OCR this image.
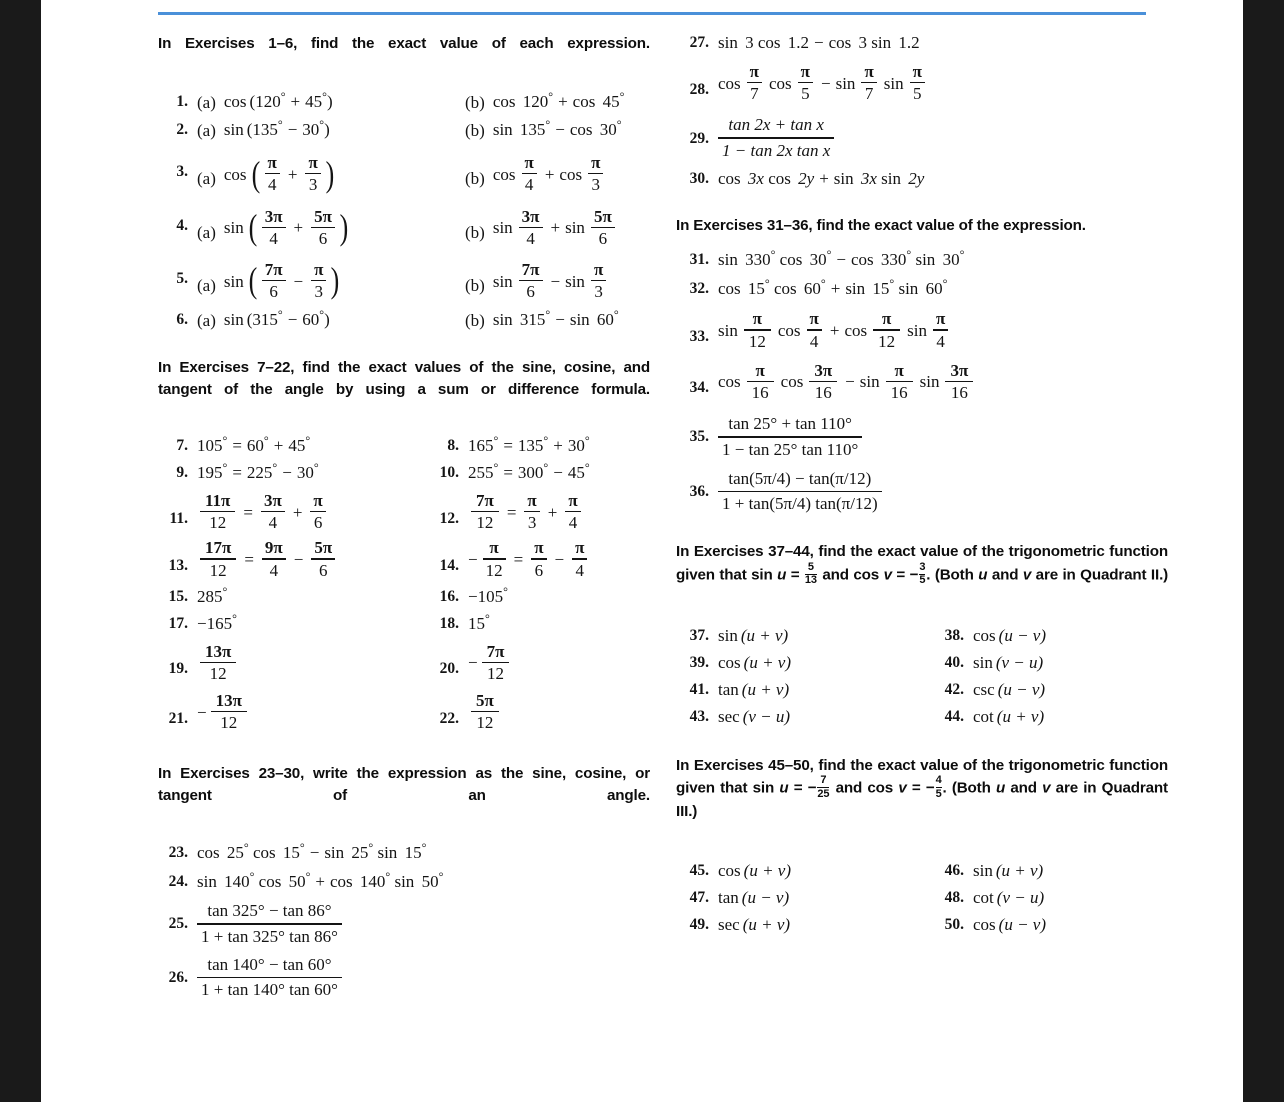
In Exercises 1–6, find the exact value of each expression.
1. (a) cos (120° + 45°)	(b) cos 120° + cos 45°
2. (a) sin (135° − 30°)	(b) sin 135° − cos 30°
3. (a) cos ( $\frac{\pi}{4} + \frac{\pi}{3}$ )	(b) $\cos \frac{\pi}{4} + \cos \frac{\pi}{3}$
4. (a) sin ( $\frac{3\pi}{4} + \frac{5\pi}{6}$ )	(b) $\sin \frac{3\pi}{4} + \sin \frac{5\pi}{6}$
5. (a) sin ( $\frac{7\pi}{6} - \frac{\pi}{3}$ )	(b) $\sin \frac{7\pi}{6} - \sin \frac{\pi}{3}$
6. (a) sin (315° − 60°)	(b) sin 315° − sin 60°
In Exercises 7–22, find the exact values of the sine, cosine, and tangent of the angle by using a sum or difference formula.
7. 105° = 60° + 45°	8. 165° = 135° + 30°
9. 195° = 225° − 30°	10. 255° = 300° − 45°
11. $\frac{11\pi}{12} = \frac{3\pi}{4} + \frac{\pi}{6}$	12. $\frac{7\pi}{12} = \frac{\pi}{3} + \frac{\pi}{4}$
13. $\frac{17\pi}{12} = \frac{9\pi}{4} - \frac{5\pi}{6}$	14. − $\frac{\pi}{12} = \frac{\pi}{6} - \frac{\pi}{4}$
15. 285°	16. −105°
17. −165°	18. 15°
19. $\frac{13\pi}{12}$	20. − $\frac{7\pi}{12}$
21. − $\frac{13\pi}{12}$	22. $\frac{5\pi}{12}$
In Exercises 23–30, write the expression as the sine, cosine, or tangent of an angle.
23. cos 25° cos 15° − sin 25° sin 15°
24. sin 140° cos 50° + cos 140° sin 50°
25. $\frac{\tan 325^\circ - \tan 86^\circ}{1 + \tan 325^\circ \tan 86^\circ}$
26. $\frac{\tan 140^\circ - \tan 60^\circ}{1 + \tan 140^\circ \tan 60^\circ}$
27. sin 3 cos 1.2 − cos 3 sin 1.2
28. $\cos \frac{\pi}{7}$ $\cos \frac{\pi}{5} - \sin \frac{\pi}{7}$ $\sin \frac{\pi}{5}$
29. $\frac{\text{tan 2x + tan x}}{\text{1 − tan 2x tan x}}$
30. cos 3x cos 2y + sin 3x sin 2y
In Exercises 31–36, find the exact value of the expression.
31. sin 330° cos 30° − cos 330° sin 30°
32. cos 15° cos 60° + sin 15° sin 60°
33. $\sin \frac{\pi}{12}$ $\cos \frac{\pi}{4} + \cos \frac{\pi}{12}$ $\sin \frac{\pi}{4}$
34. $\cos \frac{\pi}{16}$ $\cos \frac{3\pi}{16} - \sin \frac{\pi}{16}$ $\sin \frac{3\pi}{16}$
35. $\frac{\tan 25^\circ + \tan 110^\circ}{1 - \tan 25^\circ \tan 110^\circ}$
36. $\frac{\tan(5\pi/4) - \tan(\pi/12)}{1 + \tan(5\pi/4) \tan(\pi/12)}$
In Exercises 37–44, find the exact value of the trigonometric function given that $\sin u = \frac{5}{13}$ and cos v = − $\frac{3}{5}$ . (Both u and v are in Quadrant II.)
37. sin (u + v)	38. cos (u − v)
39. cos (u + v)	40. sin (v − u)
41. tan (u + v)	42. csc (u − v)
43. sec (v − u)	44. cot (u + v)
In Exercises 45–50, find the exact value of the trigonometric function given that sin u = − $\frac{7}{25}$ and cos v = − $\frac{4}{5}$ . (Both u and v are in Quadrant III.)
45. cos (u + v)	46. sin (u + v)
47. tan (u − v)	48. cot (v − u)
49. sec (u + v)	50. cos (u − v)
